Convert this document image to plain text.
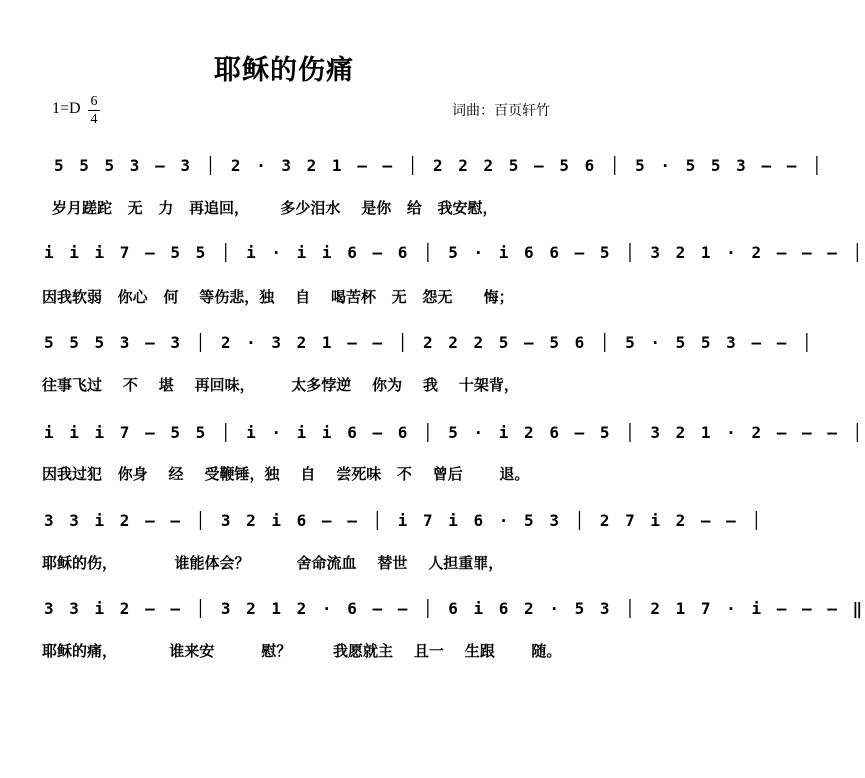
耶稣的伤痛
1=D 6
4
词曲：百页轩竹
5 5 5 3 – 3 │ 2 · 3 2 1 – – │ 2 2 2 5 – 5 6 │ 5 · 5 5 3 – – │
岁月蹉跎   无   力   再追回，      多少泪水    是你   给   我安慰，
i i i 7 – 5 5 │ i · i i 6 – 6 │ 5 · i 6 6 – 5 │ 3 2 1 · 2 – – – │
因我软弱   你心   何    等伤悲，独    自    喝苦杯   无   怨无      悔；
5 5 5 3 – 3 │ 2 · 3 2 1 – – │ 2 2 2 5 – 5 6 │ 5 · 5 5 3 – – │
往事飞过    不    堪    再回味，       太多悖逆    你为    我    十架背，
i i i 7 – 5 5 │ i · i i 6 – 6 │ 5 · i 2 6 – 5 │ 3 2 1 · 2 – – – │
因我过犯   你身    经    受鞭锤，独    自    尝死味   不    曾后       退。
3 3 i 2 – – │ 3 2 i 6 – – │ i 7 i 6 · 5 3 │ 2 7 i 2 – – │
耶稣的伤，           谁能体会？         舍命流血    替世    人担重罪，
3 3 i 2 – – │ 3 2 1 2 · 6 – – │ 6 i 6 2 · 5 3 │ 2 1 7 · i – – – ‖
耶稣的痛，          谁来安         慰？        我愿就主    且一    生跟       随。
